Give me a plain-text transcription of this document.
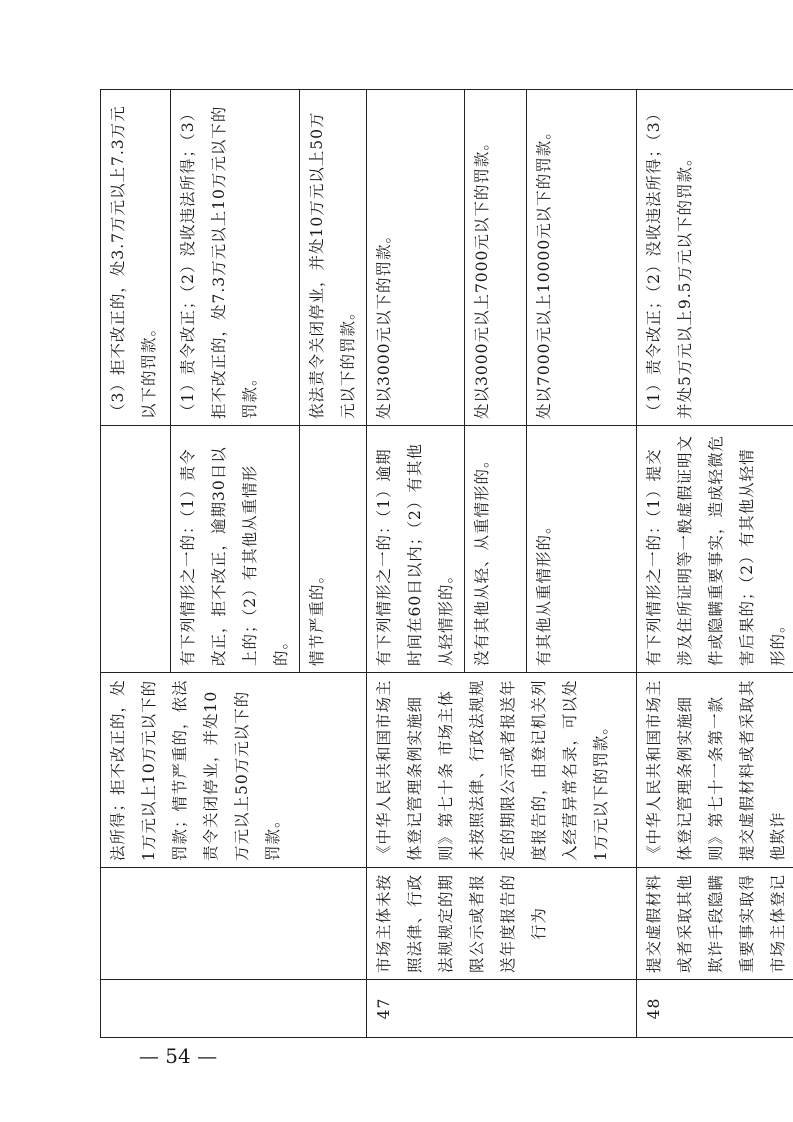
		法所得；拒不改正的，处1万元以上10万元以下的罚款；情节严重的，依法责令关闭停业，并处10万元以上50万元以下的罚款。		（3）拒不改正的，处3.7万元以上7.3万元以下的罚款。
			有下列情形之一的：（1）责令改正，拒不改正，逾期30日以上的；（2）有其他从重情形的。	（1）责令改正；（2）没收违法所得；（3）拒不改正的，处7.3万元以上10万元以下的罚款。
			情节严重的。	依法责令关闭停业，并处10万元以上50万元以下的罚款。
47	市场主体未按照法律、行政法规规定的期限公示或者报送年度报告的行为	《中华人民共和国市场主体登记管理条例实施细则》第七十条 市场主体未按照法律、行政法规规定的期限公示或者报送年度报告的，由登记机关列入经营异常名录，可以处1万元以下的罚款。	有下列情形之一的：（1）逾期时间在60日以内；（2）有其他从轻情形的。	处以3000元以下的罚款。
			没有其他从轻、从重情形的。	处以3000元以上7000元以下的罚款。
			有其他从重情形的。	处以7000元以上10000元以下的罚款。
48	提交虚假材料或者采取其他欺诈手段隐瞒重要事实取得市场主体登记	《中华人民共和国市场主体登记管理条例实施细则》第七十一条第一款 提交虚假材料或者采取其他欺诈	有下列情形之一的：（1）提交涉及住所证明等一般虚假证明文件或隐瞒重要事实，造成轻微危害后果的；（2）有其他从轻情形的。	（1）责令改正；（2）没收违法所得；（3）并处5万元以上9.5万元以下的罚款。
— 54 —
